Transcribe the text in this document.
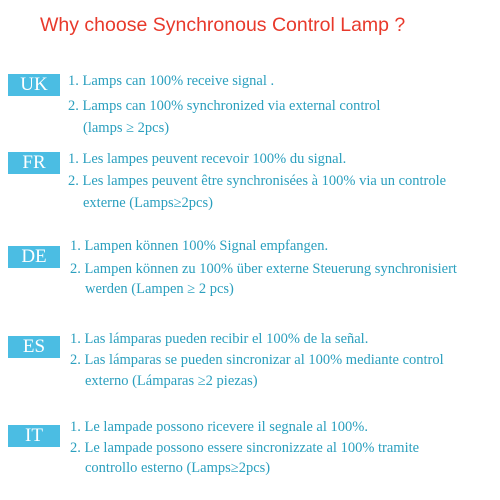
Why choose Synchronous Control Lamp ?
UK	1. Lamps can 100% receive signal .
2. Lamps can 100% synchronized via external control
(lamps ≥ 2pcs)
FR	1. Les lampes peuvent recevoir 100% du signal.
2. Les lampes peuvent être synchronisées à 100% via un controle
externe (Lamps≥2pcs)
DE	1. Lampen können 100% Signal empfangen.
2. Lampen können zu 100% über externe Steuerung synchronisiert
werden (Lampen ≥ 2 pcs)
ES	1. Las lámparas pueden recibir el 100% de la señal.
2. Las lámparas se pueden sincronizar al 100% mediante control
externo (Lámparas ≥2 piezas)
IT	1. Le lampade possono ricevere il segnale al 100%.
2. Le lampade possono essere sincronizzate al 100% tramite
controllo esterno (Lamps≥2pcs)
